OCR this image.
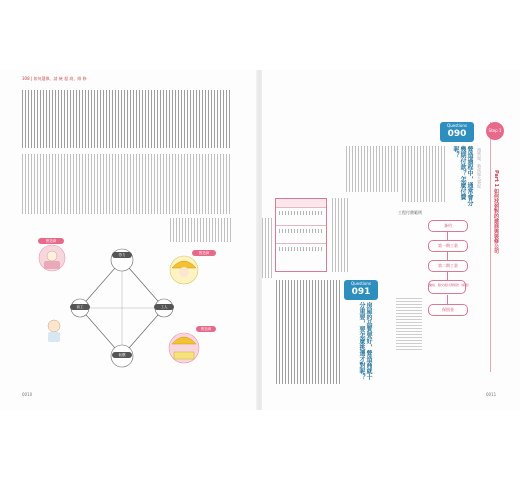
308 | 如何選擇、請 統 超 商、維 修
營造商
勞力
工人
前工
低價
營造商
營造商
0010	0011
Part 1 如何找到對的建商與裝修公司
Step 1
預售屋、新成屋大事紀
Questions
090
營造過程中，通常會分幾期付款？怎麼付費呢？
Questions
091
房屋的品質要好，營造商就十分重要，要怎麼挑選才對呢？
工程付費範例
簽約
第一期工款
第二期工款
驗收、點交後付清尾款（保留）
保固金
